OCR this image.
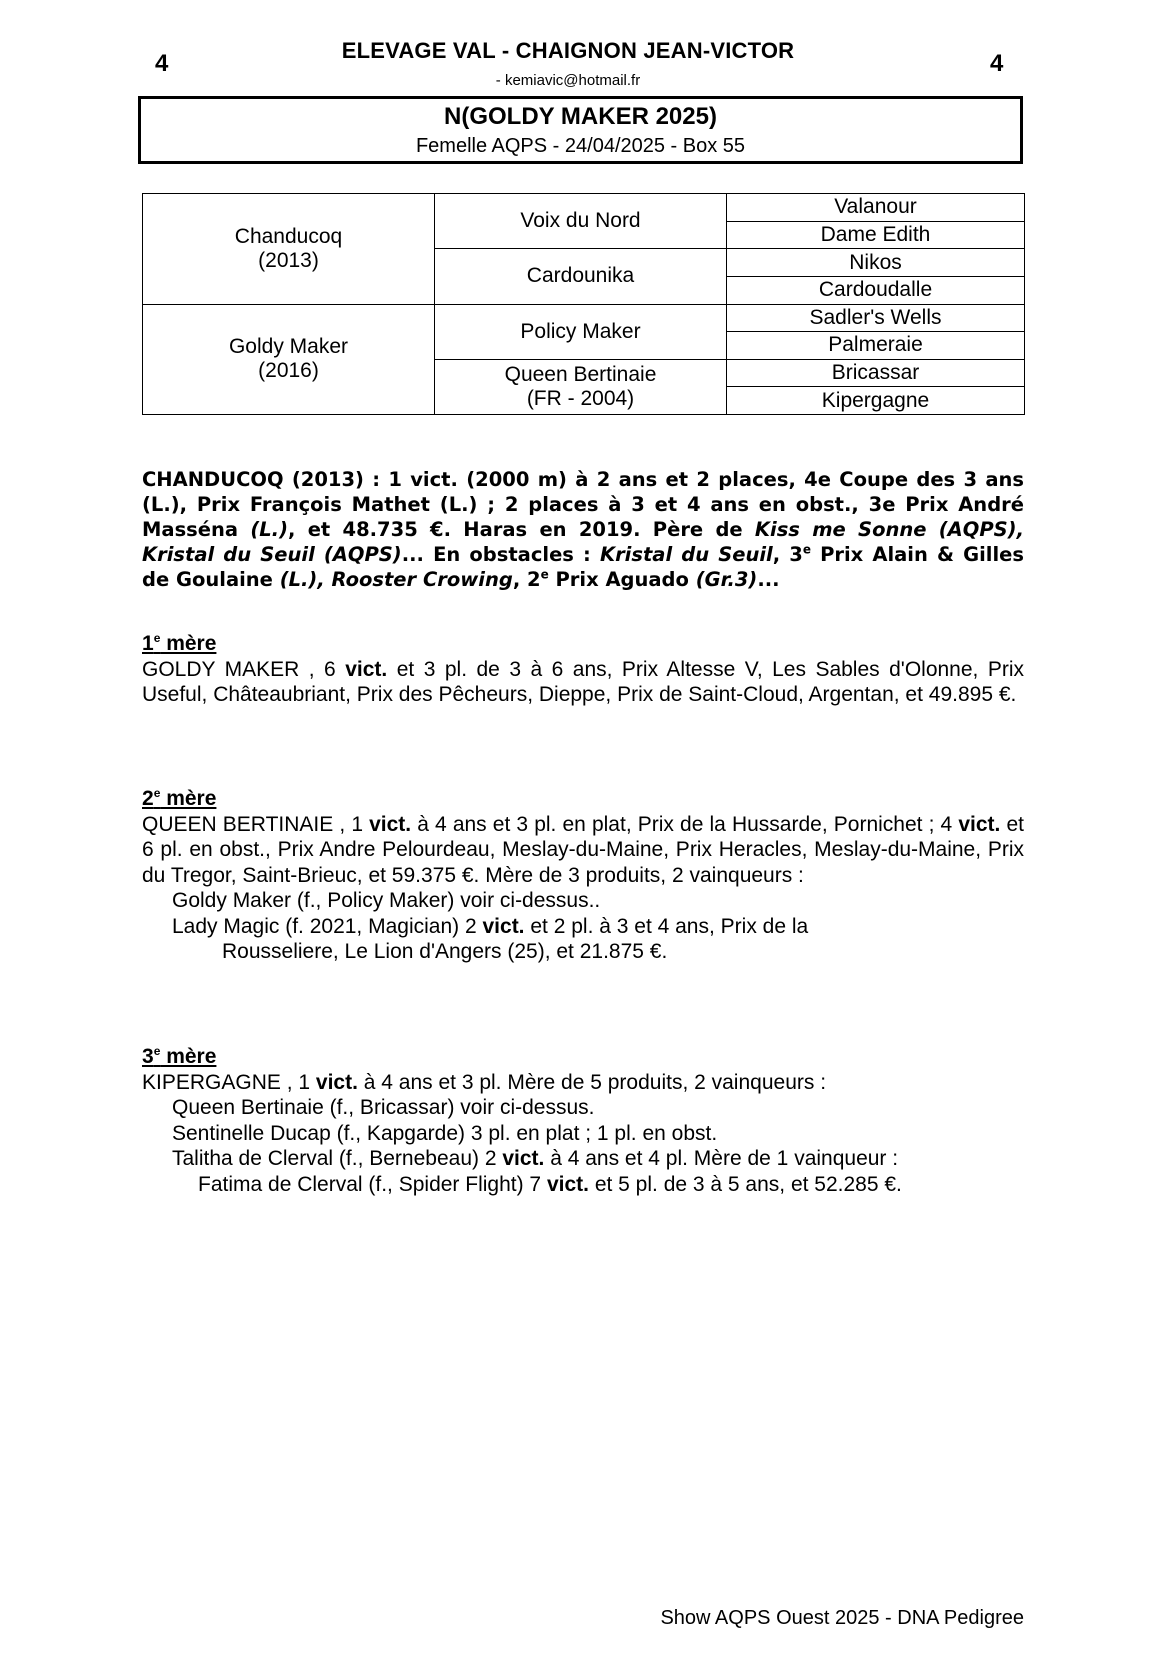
4	4
ELEVAGE VAL - CHAIGNON JEAN-VICTOR
- kemiavic@hotmail.fr
N(GOLDY MAKER 2025)
Femelle AQPS - 24/04/2025 - Box 55
Chanducoq
(2013)	Voix du Nord	Valanour
		Dame Edith
	Cardounika	Nikos
		Cardoudalle

Goldy Maker
(2016)	Policy Maker	Sadler's Wells
		Palmeraie

	Queen Bertinaie
(FR - 2004)	Bricassar
		Kipergagne
CHANDUCOQ (2013) : 1 vict. (2000 m) à 2 ans et 2 places, 4e Coupe des 3 ans (L.), Prix François Mathet (L.) ; 2 places à 3 et 4 ans en obst., 3e Prix André Masséna (L.), et 48.735 €. Haras en 2019. Père de Kiss me Sonne (AQPS), Kristal du Seuil (AQPS)... En obstacles : Kristal du Seuil, 3e Prix Alain & Gilles de Goulaine (L.), Rooster Crowing, 2e Prix Aguado (Gr.3)...
1e mère
GOLDY MAKER , 6 vict. et 3 pl. de 3 à 6 ans, Prix Altesse V, Les Sables d'Olonne, Prix Useful, Châteaubriant, Prix des Pêcheurs, Dieppe, Prix de Saint-Cloud, Argentan, et 49.895 €.
2e mère
QUEEN BERTINAIE , 1 vict. à 4 ans et 3 pl. en plat, Prix de la Hussarde, Pornichet ; 4 vict. et 6 pl. en obst., Prix Andre Pelourdeau, Meslay-du-Maine, Prix Heracles, Meslay-du-Maine, Prix du Tregor, Saint-Brieuc, et 59.375 €. Mère de 3 produits, 2 vainqueurs :
Goldy Maker (f., Policy Maker) voir ci-dessus..
Lady Magic (f. 2021, Magician) 2 vict. et 2 pl. à 3 et 4 ans, Prix de la
Rousseliere, Le Lion d'Angers (25), et 21.875 €.
3e mère
KIPERGAGNE , 1 vict. à 4 ans et 3 pl. Mère de 5 produits, 2 vainqueurs :
Queen Bertinaie (f., Bricassar) voir ci-dessus.
Sentinelle Ducap (f., Kapgarde) 3 pl. en plat ; 1 pl. en obst.
Talitha de Clerval (f., Bernebeau) 2 vict. à 4 ans et 4 pl. Mère de 1 vainqueur :
Fatima de Clerval (f., Spider Flight) 7 vict. et 5 pl. de 3 à 5 ans, et 52.285 €.
Show AQPS Ouest 2025 - DNA Pedigree
